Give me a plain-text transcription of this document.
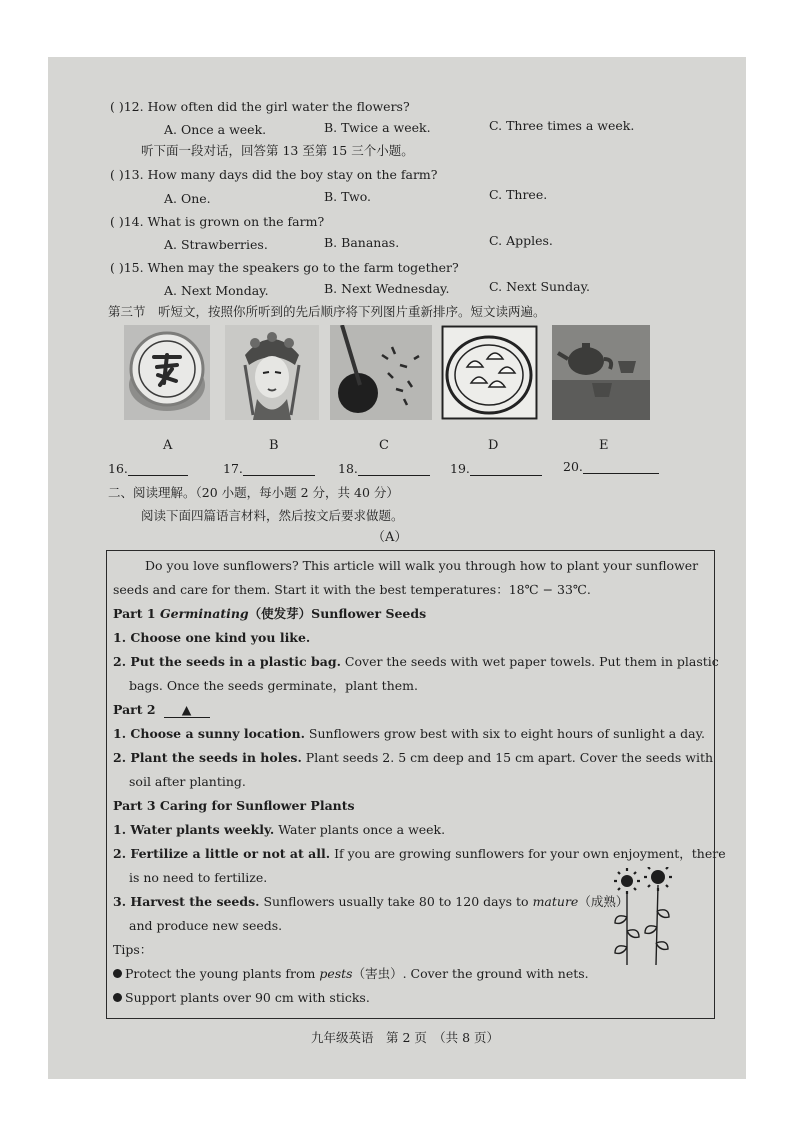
( )12. How often did the girl water the flowers?
A. Once a week.	B. Twice a week.	C. Three times a week.
听下面一段对话，回答第 13 至第 15 三个小题。
( )13. How many days did the boy stay on the farm?
A. One.	B. Two.	C. Three.
( )14. What is grown on the farm?
A. Strawberries.	B. Bananas.	C. Apples.
( )15. When may the speakers go to the farm together?
A. Next Monday.	B. Next Wednesday.	C. Next Sunday.
第三节　听短文，按照你所听到的先后顺序将下列图片重新排序。短文读两遍。
A	B	C	D	E
16.	17.	18.	19.	20.
二、阅读理解。（20 小题，每小题 2 分，共 40 分）
阅读下面四篇语言材料，然后按文后要求做题。
（A）
Do you love sunflowers? This article will walk you through how to plant your sunflower
seeds and care for them. Start it with the best temperatures：18℃ − 33℃.
Part 1 Germinating（使发芽）Sunflower Seeds
1. Choose one kind you like.
2. Put the seeds in a plastic bag. Cover the seeds with wet paper towels. Put them in plastic
bags. Once the seeds germinate，plant them.
Part 2 ▲
1. Choose a sunny location. Sunflowers grow best with six to eight hours of sunlight a day.
2. Plant the seeds in holes. Plant seeds 2. 5 cm deep and 15 cm apart. Cover the seeds with
soil after planting.
Part 3 Caring for Sunflower Plants
1. Water plants weekly. Water plants once a week.
2. Fertilize a little or not at all. If you are growing sunflowers for your own enjoyment，there
is no need to fertilize.
3. Harvest the seeds. Sunflowers usually take 80 to 120 days to mature（成熟）
and produce new seeds.
Tips：
Protect the young plants from pests（害虫）. Cover the ground with nets.
Support plants over 90 cm with sticks.
九年级英语　第 2 页　（共 8 页）
